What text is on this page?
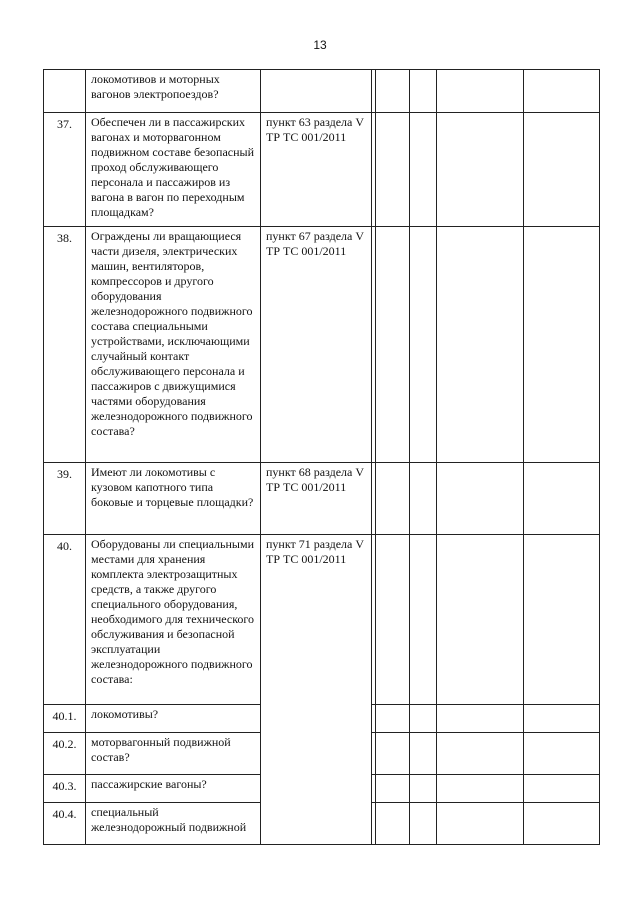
13
	локомотивов и моторных вагонов электропоездов?						
37.	Обеспечен ли в пассажирских вагонах и моторвагонном подвижном составе безопасный проход обслуживающего персонала и пассажиров из вагона в вагон по переходным площадкам?	пункт 63 раздела V ТР ТС 001/2011					
38.	Ограждены ли вращающиеся части дизеля, электрических машин, вентиляторов, компрессоров и другого оборудования железнодорожного подвижного состава специальными устройствами, исключающими случайный контакт обслуживающего персонала и пассажиров с движущимися частями оборудования железнодорожного подвижного состава?	пункт 67 раздела V ТР ТС 001/2011					
39.	Имеют ли локомотивы с кузовом капотного типа боковые и торцевые площадки?	пункт 68 раздела V ТР ТС 001/2011					
40.	Оборудованы ли специальными местами для хранения комплекта электрозащитных средств, а также другого специального оборудования, необходимого для технического обслуживания и безопасной эксплуатации железнодорожного подвижного состава:	пункт 71 раздела V ТР ТС 001/2011					
40.1.	локомотивы?						
40.2.	моторвагонный подвижной состав?						
40.3.	пассажирские вагоны?						
40.4.	специальный железнодорожный подвижной						
